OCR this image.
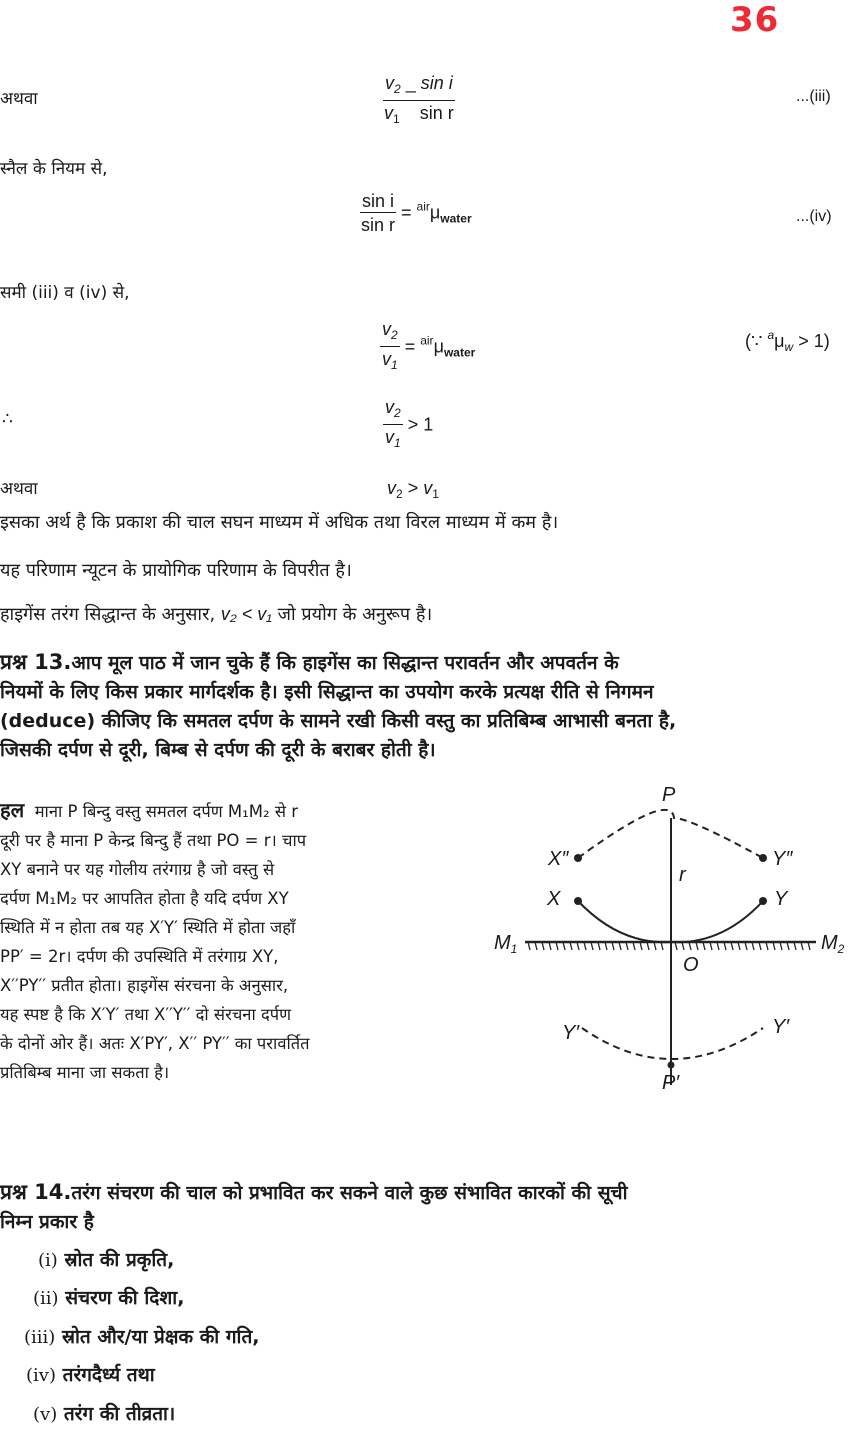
36
अथवा	$\frac{v_2 \_ \sin i}{v_1 \sin r}$	...(iii)
स्नैल के नियम से,
$\frac{\text{sin i}}{\text{sin r}} = ^{air}\mu_{water}$	...(iv)
समी (iii) व (iv) से,
$\frac{v_2}{v_1} = ^{air}\mu_{water}$
(∵ $^a\mu_w > 1$)
∴	$\frac{v_2}{v_1} > 1$
अथवा	$v_2 > v_1$
इसका अर्थ है कि प्रकाश की चाल सघन माध्यम में अधिक तथा विरल माध्यम में कम है।
यह परिणाम न्यूटन के प्रायोगिक परिणाम के विपरीत है।
हाइगेंस तरंग सिद्धान्त के अनुसार, v₂ < v₁ जो प्रयोग के अनुरूप है।
प्रश्न 13.आप मूल पाठ में जान चुके हैं कि हाइगेंस का सिद्धान्त परावर्तन और अपवर्तन के
नियमों के लिए किस प्रकार मार्गदर्शक है। इसी सिद्धान्त का उपयोग करके प्रत्यक्ष रीति से निगमन
(deduce) कीजिए कि समतल दर्पण के सामने रखी किसी वस्तु का प्रतिबिम्ब आभासी बनता है,
जिसकी दर्पण से दूरी, बिम्ब से दर्पण की दूरी के बराबर होती है।
हल माना P बिन्दु वस्तु समतल दर्पण M₁M₂ से r
दूरी पर है माना P केन्द्र बिन्दु हैं तथा PO = r। चाप
XY बनाने पर यह गोलीय तरंगाग्र है जो वस्तु से
दर्पण M₁M₂ पर आपतित होता है यदि दर्पण XY
स्थिति में न होता तब यह X′Y′ स्थिति में होता जहाँ
PP′ = 2r। दर्पण की उपस्थिति में तरंगाग्र XY,
X′′PY′′ प्रतीत होता। हाइगेंस संरचना के अनुसार,
यह स्पष्ट है कि X′Y′ तथा X′′Y′′ दो संरचना दर्पण
के दोनों ओर हैं। अतः X′PY′, X′′ PY′′ का परावर्तित
प्रतिबिम्ब माना जा सकता है।
P
r
X″	Y″
X	Y
$M_1$	$M_2$
O
Y′	Y′
P′
प्रश्न 14.तरंग संचरण की चाल को प्रभावित कर सकने वाले कुछ संभावित कारकों की सूची
निम्न प्रकार है
(i) स्रोत की प्रकृति,
(ii) संचरण की दिशा,
(iii) स्रोत और/या प्रेक्षक की गति,
(iv) तरंगदैर्ध्य तथा
(v) तरंग की तीव्रता।
